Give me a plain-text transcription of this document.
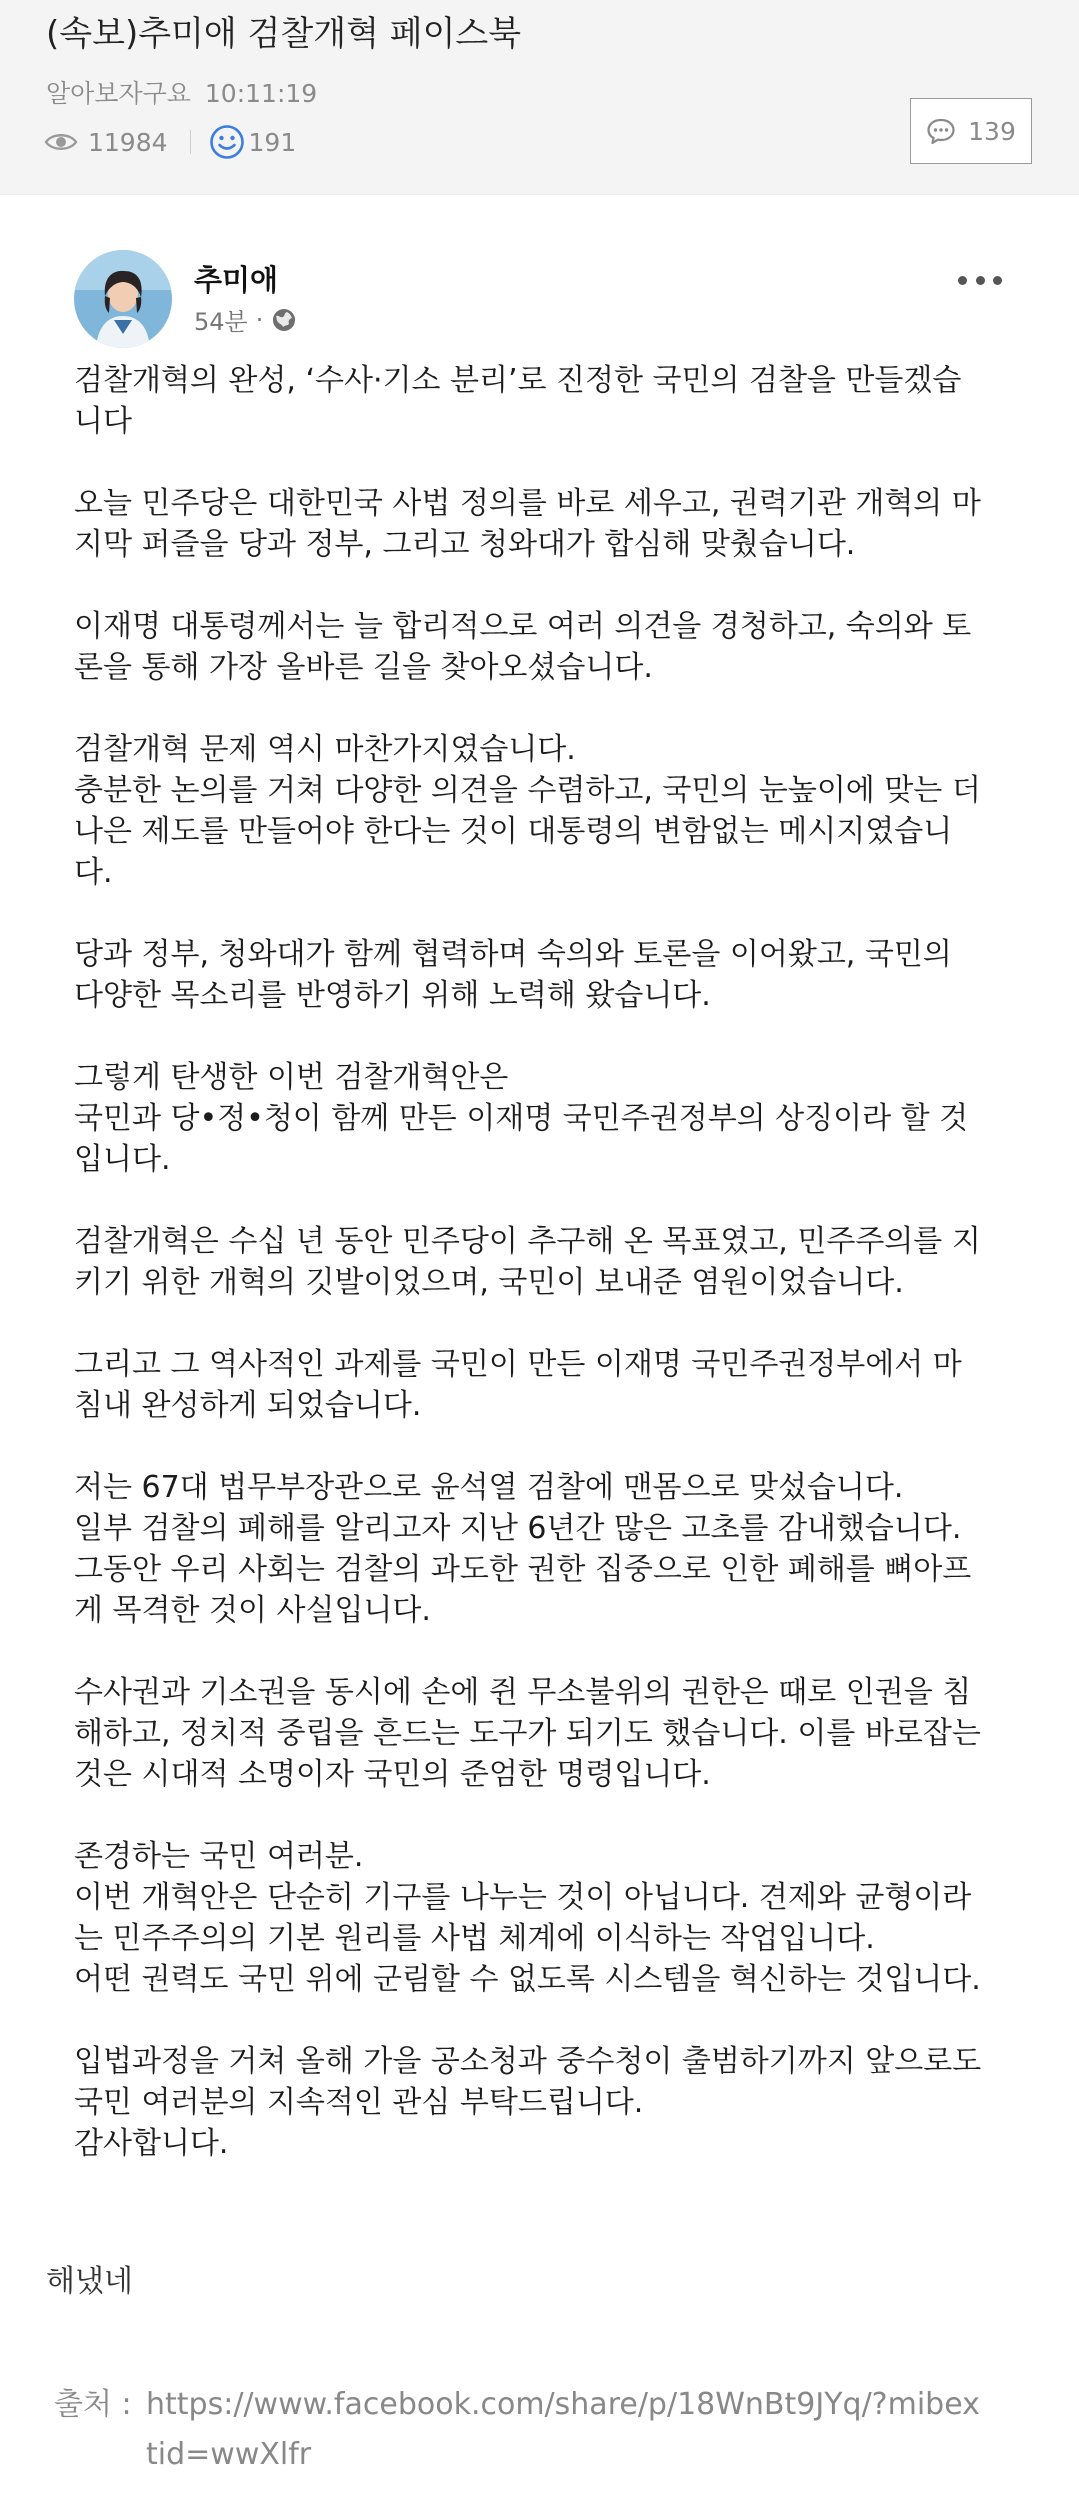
(속보)추미애 검찰개혁 페이스북
알아보자구요 10:11:19
11984	191	139
추미애
54분 ·
검찰개혁의 완성, ‘수사·기소 분리’로 진정한 국민의 검찰을 만들겠습
니다
오늘 민주당은 대한민국 사법 정의를 바로 세우고, 권력기관 개혁의 마
지막 퍼즐을 당과 정부, 그리고 청와대가 합심해 맞췄습니다.
이재명 대통령께서는 늘 합리적으로 여러 의견을 경청하고, 숙의와 토
론을 통해 가장 올바른 길을 찾아오셨습니다.
검찰개혁 문제 역시 마찬가지였습니다.
충분한 논의를 거쳐 다양한 의견을 수렴하고, 국민의 눈높이에 맞는 더
나은 제도를 만들어야 한다는 것이 대통령의 변함없는 메시지였습니
다.
당과 정부, 청와대가 함께 협력하며 숙의와 토론을 이어왔고, 국민의
다양한 목소리를 반영하기 위해 노력해 왔습니다.
그렇게 탄생한 이번 검찰개혁안은
국민과 당•정•청이 함께 만든 이재명 국민주권정부의 상징이라 할 것
입니다.
검찰개혁은 수십 년 동안 민주당이 추구해 온 목표였고, 민주주의를 지
키기 위한 개혁의 깃발이었으며, 국민이 보내준 염원이었습니다.
그리고 그 역사적인 과제를 국민이 만든 이재명 국민주권정부에서 마
침내 완성하게 되었습니다.
저는 67대 법무부장관으로 윤석열 검찰에 맨몸으로 맞섰습니다.
일부 검찰의 폐해를 알리고자 지난 6년간 많은 고초를 감내했습니다.
그동안 우리 사회는 검찰의 과도한 권한 집중으로 인한 폐해를 뼈아프
게 목격한 것이 사실입니다.
수사권과 기소권을 동시에 손에 쥔 무소불위의 권한은 때로 인권을 침
해하고, 정치적 중립을 흔드는 도구가 되기도 했습니다. 이를 바로잡는
것은 시대적 소명이자 국민의 준엄한 명령입니다.
존경하는 국민 여러분.
이번 개혁안은 단순히 기구를 나누는 것이 아닙니다. 견제와 균형이라
는 민주주의의 기본 원리를 사법 체계에 이식하는 작업입니다.
어떤 권력도 국민 위에 군림할 수 없도록 시스템을 혁신하는 것입니다.
입법과정을 거쳐 올해 가을 공소청과 중수청이 출범하기까지 앞으로도
국민 여러분의 지속적인 관심 부탁드립니다.
감사합니다.
해냈네
출처 : https://www.facebook.com/share/p/18WnBt9JYq/?mibex
tid=wwXlfr
